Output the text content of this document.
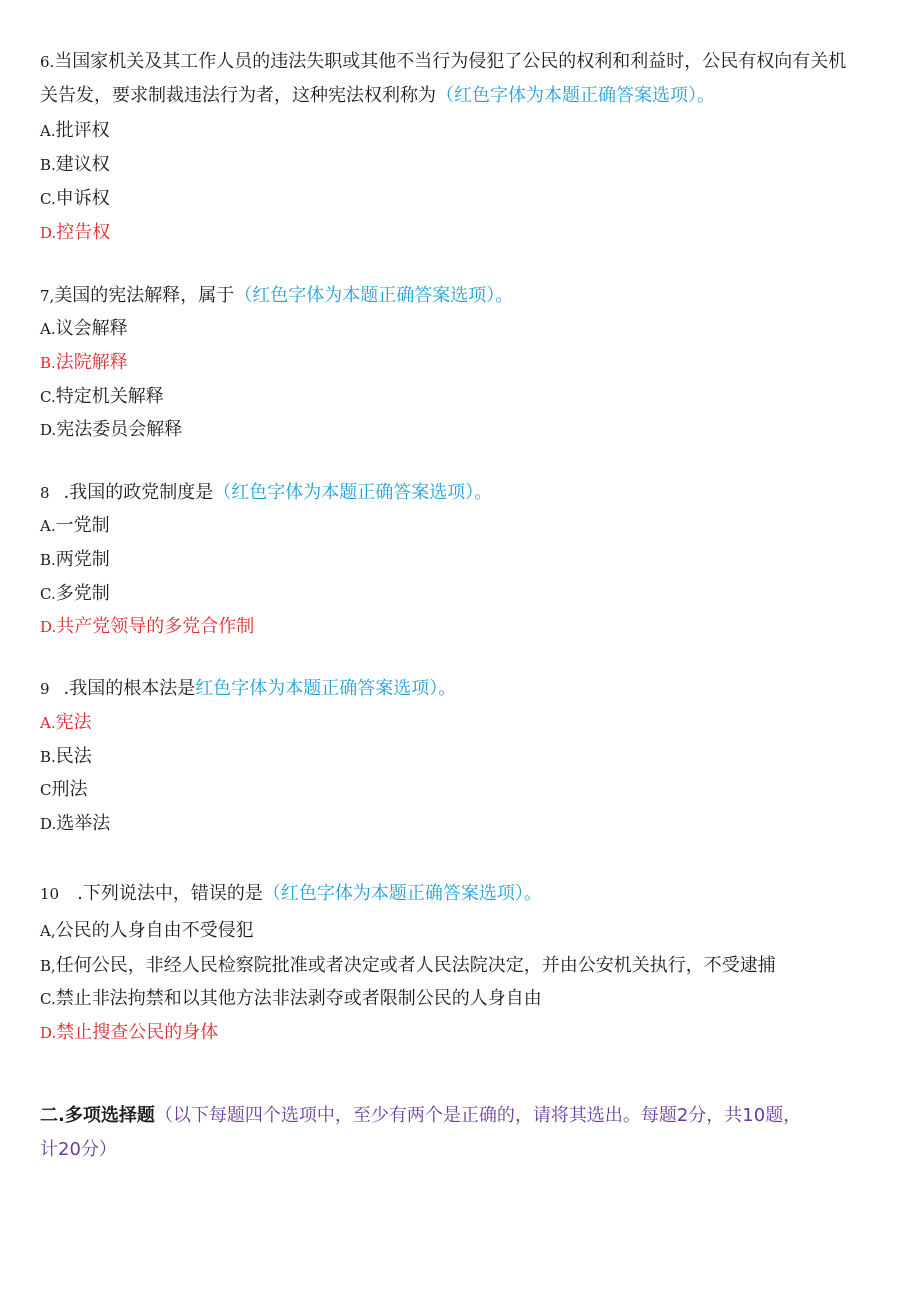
6.当国家机关及其工作人员的违法失职或其他不当行为侵犯了公民的权利和利益时，公民有权向有关机
关告发，要求制裁违法行为者，这种宪法权利称为（红色字体为本题正确答案选项）。
A.批评权
B.建议权
C.申诉权
D.控告权
7,美国的宪法解释，属于（红色字体为本题正确答案选项）。
A.议会解释
B.法院解释
C.特定机关解释
D.宪法委员会解释
8 .我国的政党制度是（红色字体为本题正确答案选项）。
A.一党制
B.两党制
C.多党制
D.共产党领导的多党合作制
9 .我国的根本法是红色字体为本题正确答案选项）。
A.宪法
B.民法
C刑法
D.选举法
10 .下列说法中，错误的是（红色字体为本题正确答案选项）。
A,公民的人身自由不受侵犯
B,任何公民，非经人民检察院批准或者决定或者人民法院决定，并由公安机关执行，不受逮捕
C.禁止非法拘禁和以其他方法非法剥夺或者限制公民的人身自由
D.禁止搜查公民的身体
二.多项选择题（以下每题四个选项中，至少有两个是正确的，请将其选出。每题2分，共10题，
计20分）
